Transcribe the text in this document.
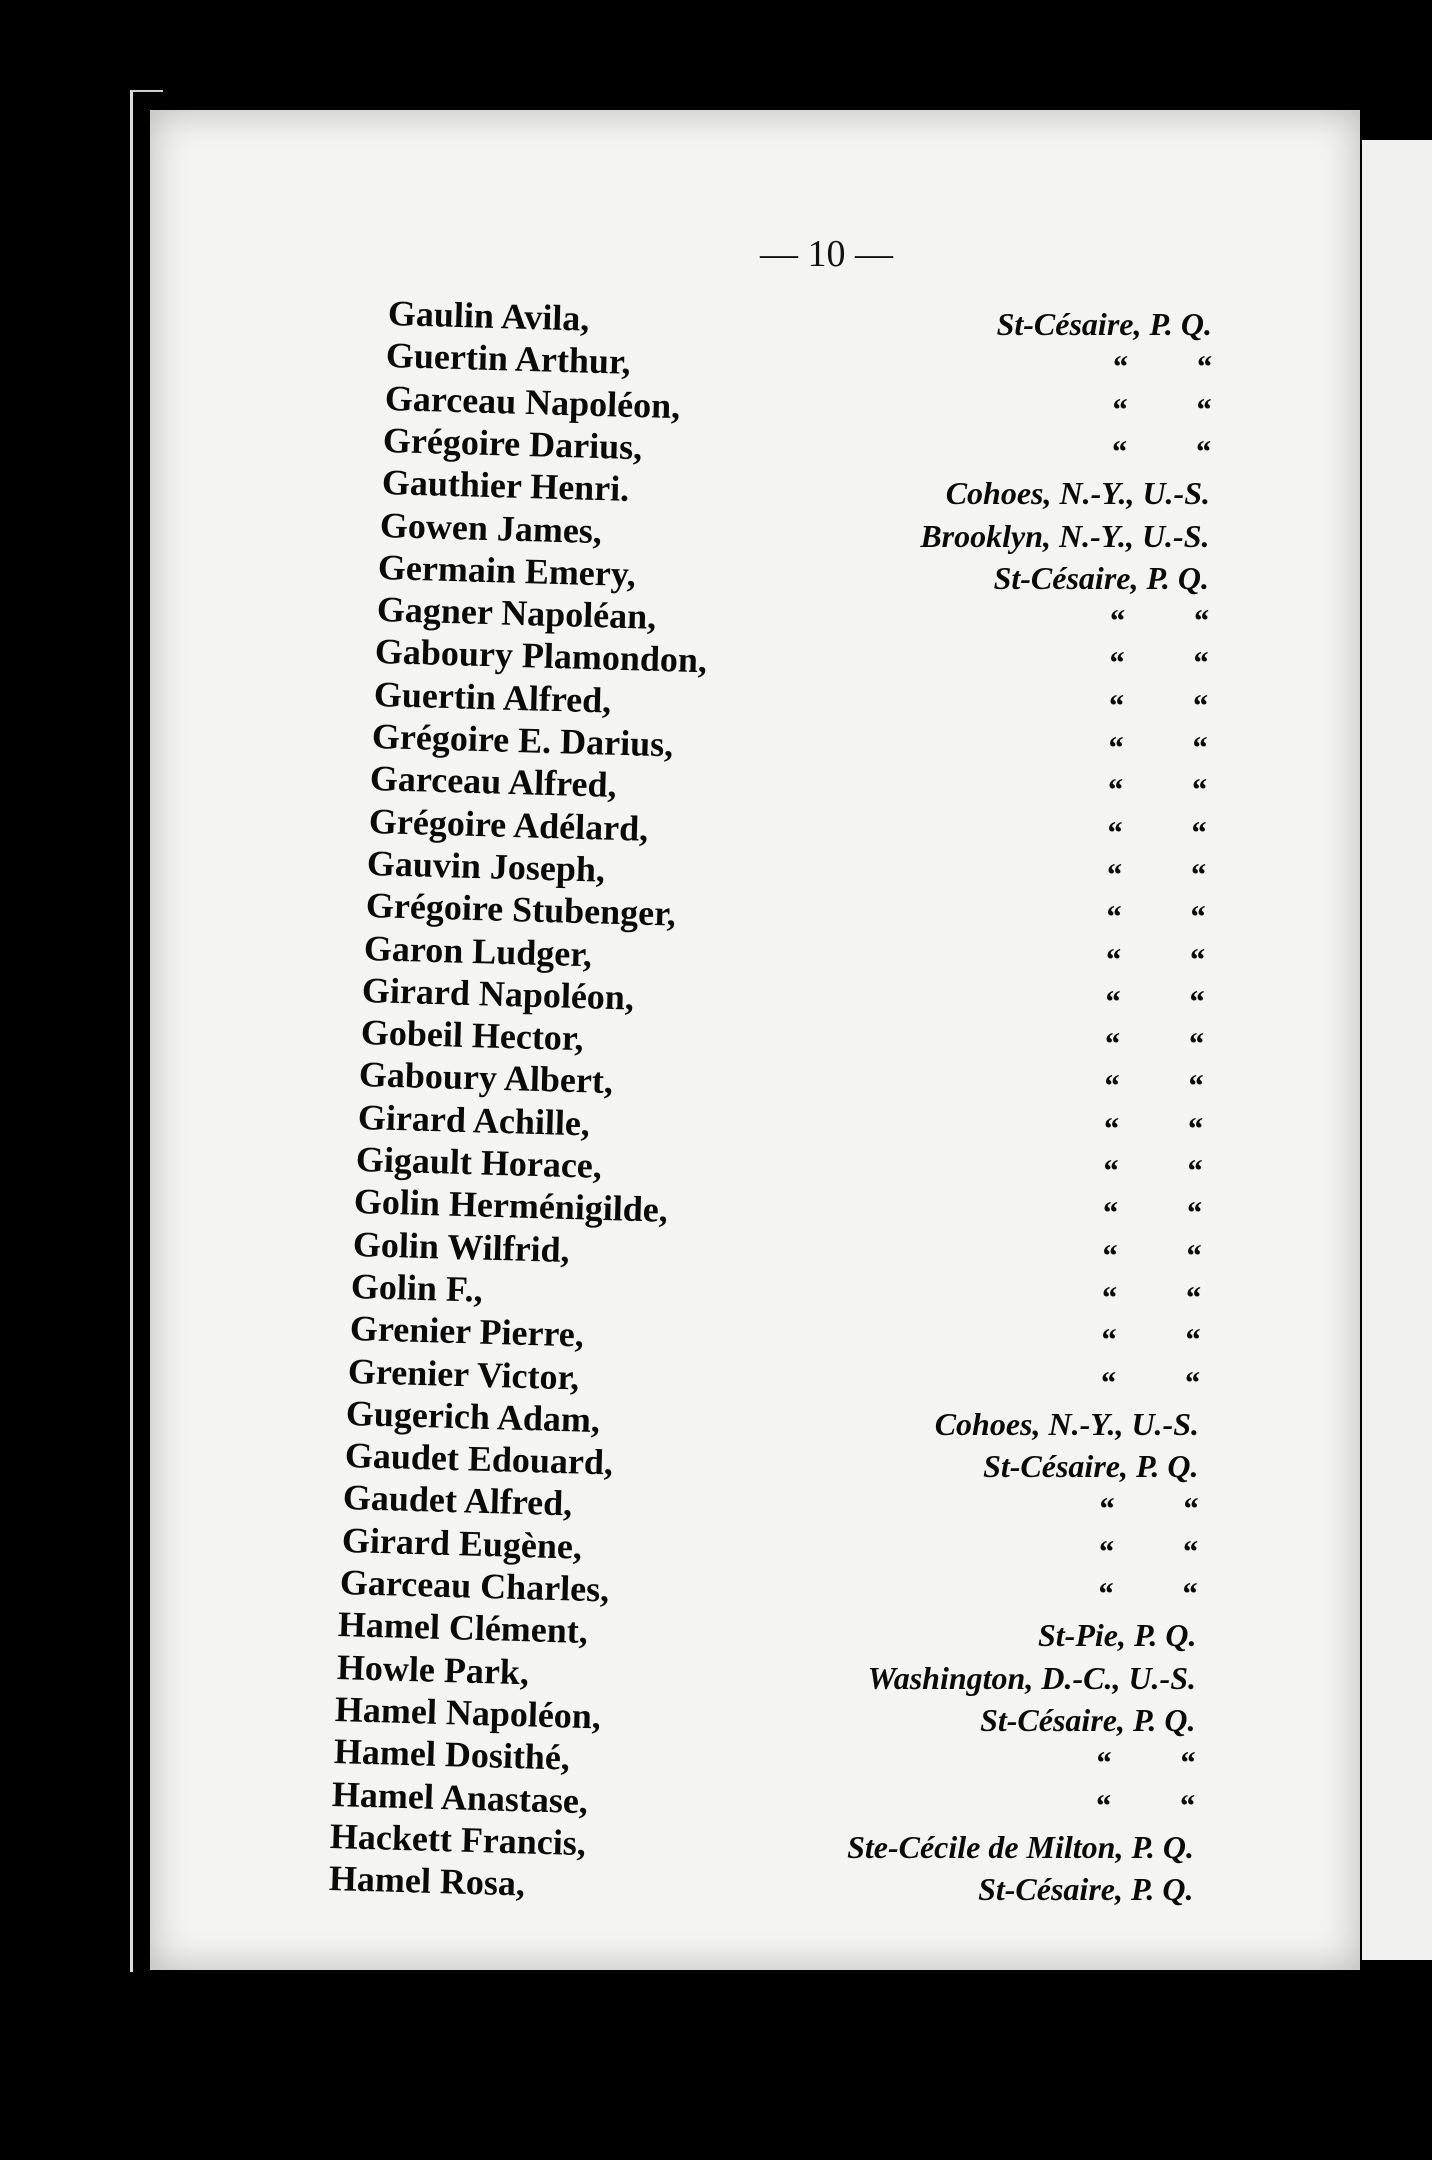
— 10 —
Gaulin Avila,	St-Césaire, P. Q.
Guertin Arthur,	“ “
Garceau Napoléon,	“ “
Grégoire Darius,	“ “
Gauthier Henri.	Cohoes, N.-Y., U.-S.
Gowen James,	Brooklyn, N.-Y., U.-S.
Germain Emery,	St-Césaire, P. Q.
Gagner Napoléan,	“ “
Gaboury Plamondon,	“ “
Guertin Alfred,	“ “
Grégoire E. Darius,	“ “
Garceau Alfred,	“ “
Grégoire Adélard,	“ “
Gauvin Joseph,	“ “
Grégoire Stubenger,	“ “
Garon Ludger,	“ “
Girard Napoléon,	“ “
Gobeil Hector,	“ “
Gaboury Albert,	“ “
Girard Achille,	“ “
Gigault Horace,	“ “
Golin Herménigilde,	“ “
Golin Wilfrid,	“ “
Golin F.,	“ “
Grenier Pierre,	“ “
Grenier Victor,	“ “
Gugerich Adam,	Cohoes, N.-Y., U.-S.
Gaudet Edouard,	St-Césaire, P. Q.
Gaudet Alfred,	“ “
Girard Eugène,	“ “
Garceau Charles,	“ “
Hamel Clément,	St-Pie, P. Q.
Howle Park,	Washington, D.-C., U.-S.
Hamel Napoléon,	St-Césaire, P. Q.
Hamel Dosithé,	“ “
Hamel Anastase,	“ “
Hackett Francis,	Ste-Cécile de Milton, P. Q.
Hamel Rosa,	St-Césaire, P. Q.
